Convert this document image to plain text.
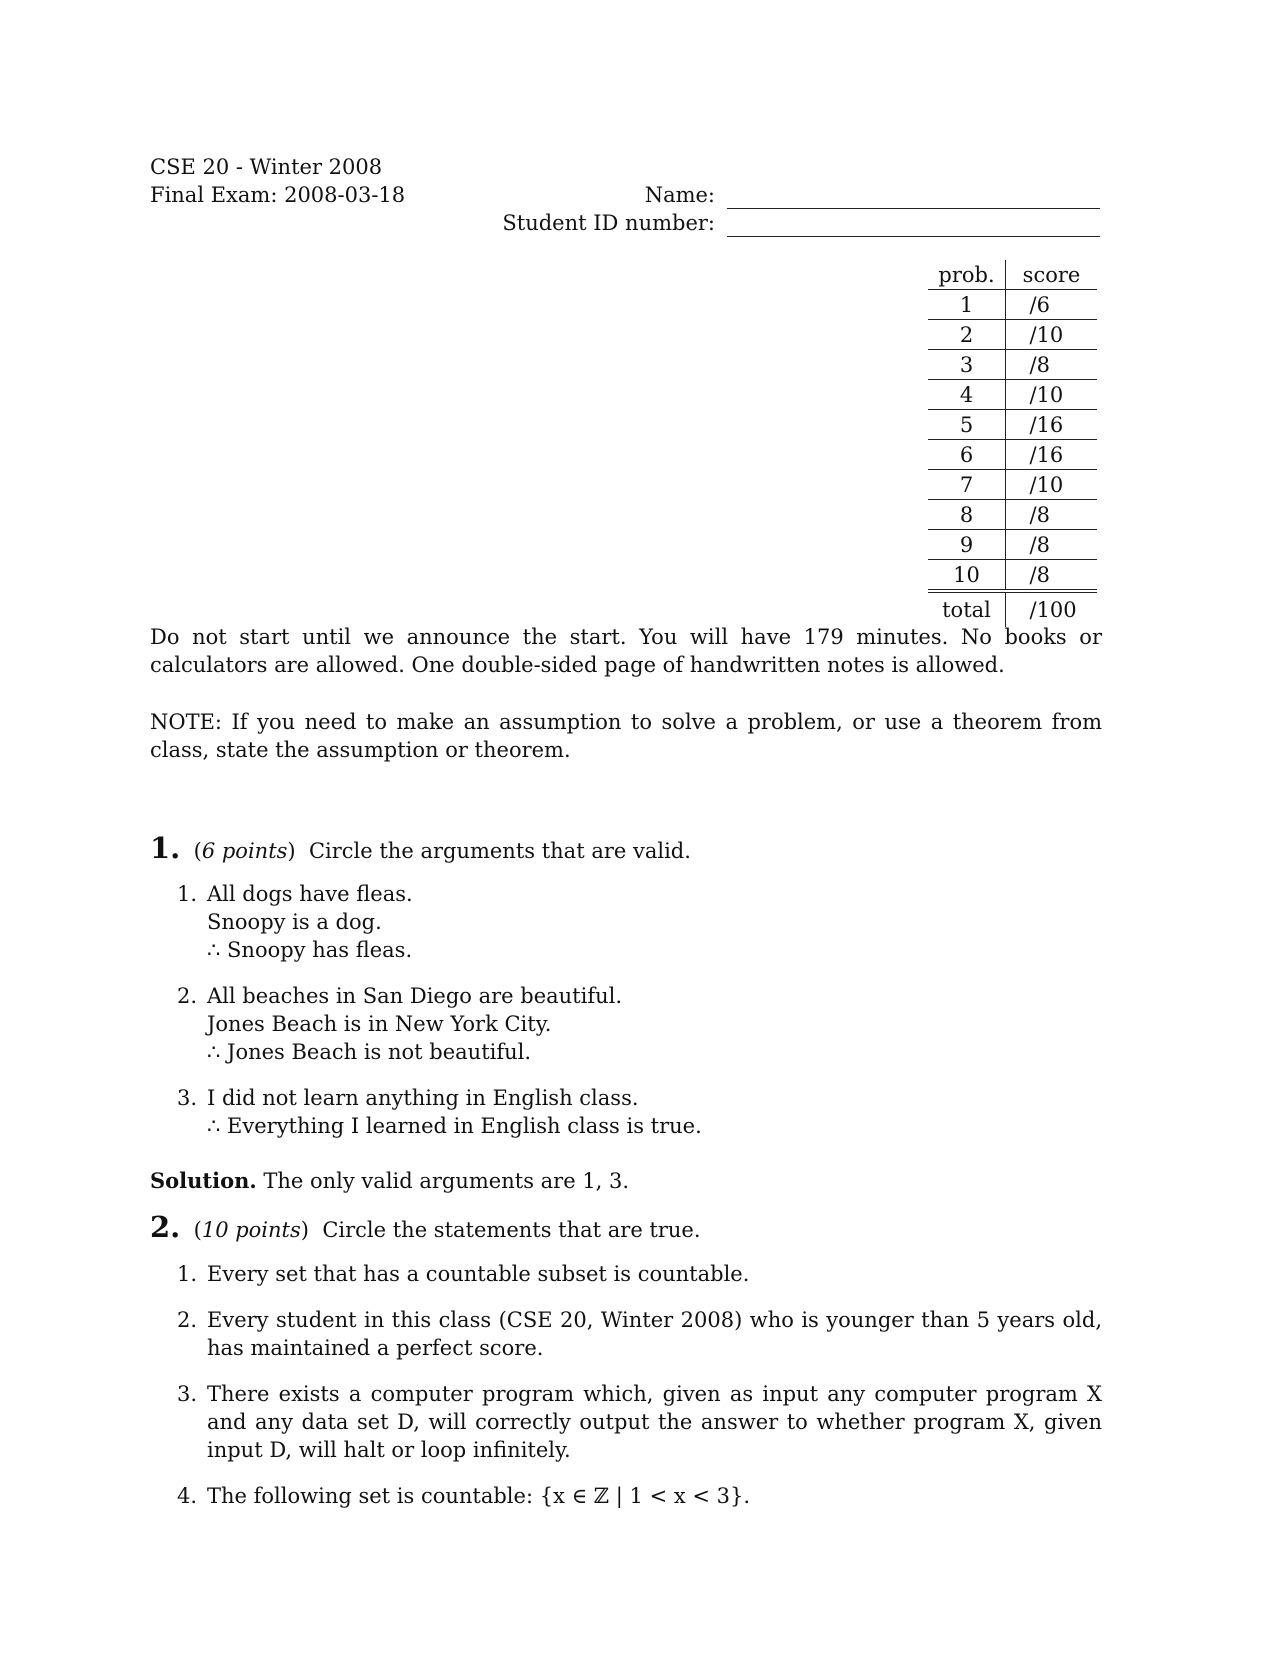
CSE 20 - Winter 2008
Final Exam: 2008-03-18	Name:
Student ID number:
prob.	score
1	/6
2	/10
3	/8
4	/10
5	/16
6	/16
7	/10
8	/8
9	/8
10	/8
total	/100
Do not start until we announce the start. You will have 179 minutes. No books or calculators are allowed. One double-sided page of handwritten notes is allowed.
NOTE: If you need to make an assumption to solve a problem, or use a theorem from class, state the assumption or theorem.
1.  (6 points)  Circle the arguments that are valid.
1. All dogs have fleas.
Snoopy is a dog.
∴ Snoopy has fleas.
2. All beaches in San Diego are beautiful.
Jones Beach is in New York City.
∴ Jones Beach is not beautiful.
3. I did not learn anything in English class.
∴ Everything I learned in English class is true.
Solution. The only valid arguments are 1, 3.
2.  (10 points)  Circle the statements that are true.
1. Every set that has a countable subset is countable.
2. Every student in this class (CSE 20, Winter 2008) who is younger than 5 years old, has maintained a perfect score.
3. There exists a computer program which, given as input any computer program X and any data set D, will correctly output the answer to whether program X, given input D, will halt or loop infinitely.
4. The following set is countable: {x ∈ ℤ | 1 < x < 3}.
